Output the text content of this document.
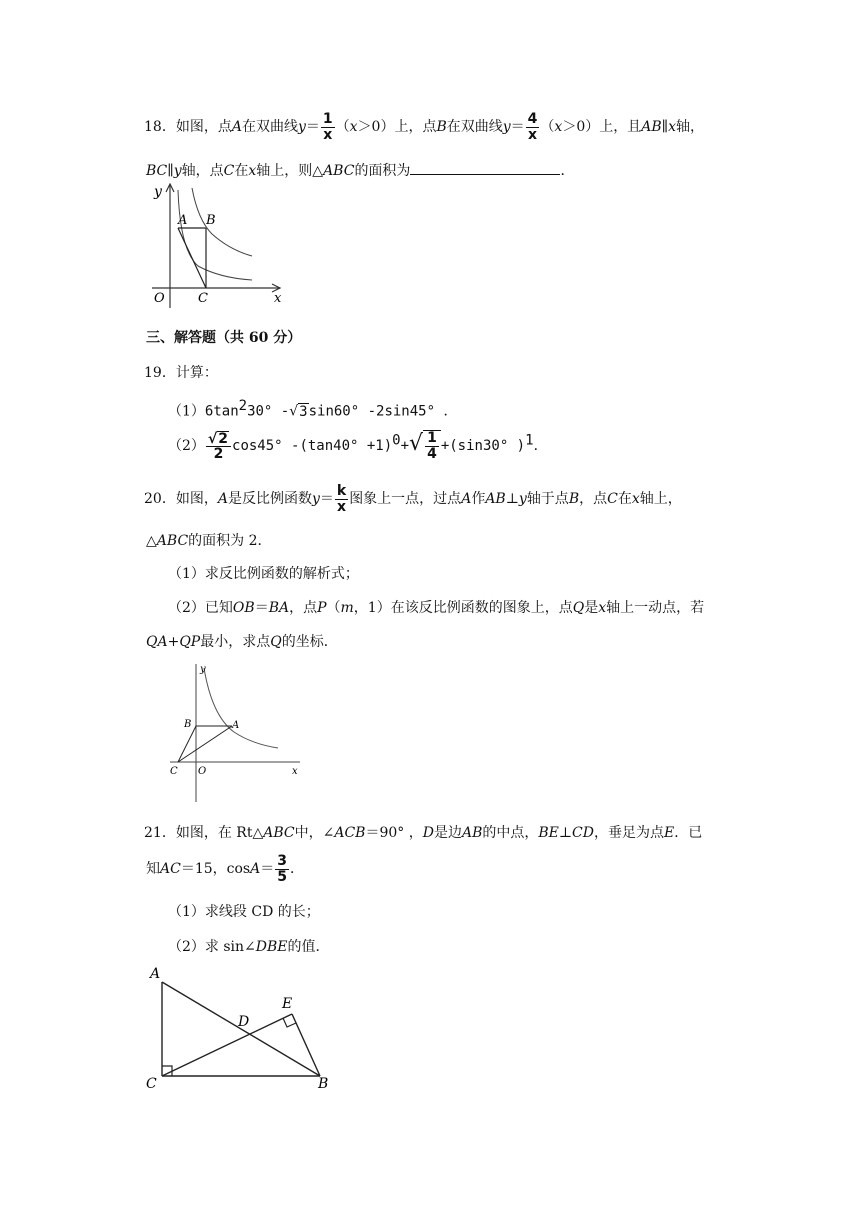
18．如图，点A在双曲线$y= \frac{1}{x} (x>0)$上，点B在双曲线$y= \frac{4}{x} (x>0)$上，且AB∥x轴，
BC∥y轴，点C在x轴上，则△ABC的面积为	．
y
A B
O	C	x
三、解答题（共 60 分）
19．计算：
$(1)6\tan^230^\circ$ -√3sin60° -2sin45° ．
$(2) \frac{√2}{2} \cos 45^\circ$ $-(\tan 40^\circ +1)^0+√ \frac{1}{4} +(\sin 30^\circ$ )$^1$．
20．如图，A是反比例函数$y= \frac{k}{x}$ 图象上一点，过点A作AB⊥y轴于点B，点C在x轴上，
△ABC的面积为 2．
（1）求反比例函数的解析式；
（2）已知OB＝BA，点P（m，1）在该反比例函数的图象上，点Q是x轴上一动点，若
QA+QP最小，求点Q的坐标．
y
B	A
C O	x
21．如图，在 Rt△ABC中，∠ACB＝90° ，D是边AB的中点，BE⊥CD，垂足为点E．已
知AC＝15，$\cos A= \frac{3}{5}$ ．
（1）求线段 CD 的长；
（2）求 sin∠DBE的值．
A
D
E
C	B
